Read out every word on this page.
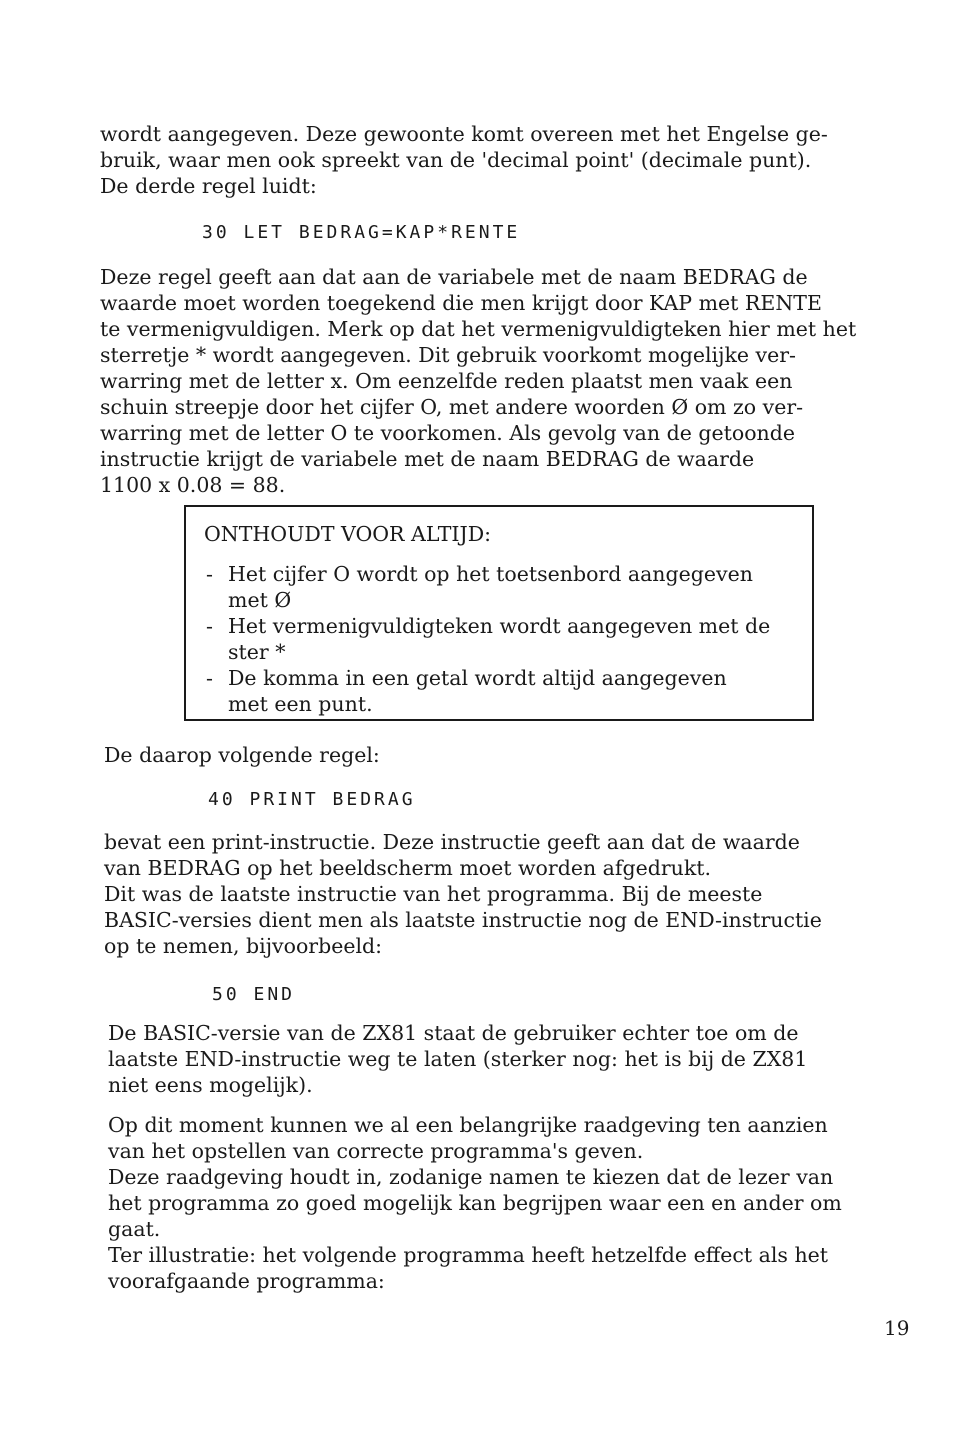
wordt aangegeven. Deze gewoonte komt overeen met het Engelse ge-
bruik, waar men ook spreekt van de 'decimal point' (decimale punt).
De derde regel luidt:

30 LET BEDRAG=KAP*RENTE

Deze regel geeft aan dat aan de variabele met de naam BEDRAG de
waarde moet worden toegekend die men krijgt door KAP met RENTE
te vermenigvuldigen. Merk op dat het vermenigvuldigteken hier met het
sterretje * wordt aangegeven. Dit gebruik voorkomt mogelijke ver-
warring met de letter x. Om eenzelfde reden plaatst men vaak een
schuin streepje door het cijfer O, met andere woorden Ø om zo ver-
warring met de letter O te voorkomen. Als gevolg van de getoonde
instructie krijgt de variabele met de naam BEDRAG de waarde
1100 x 0.08 = 88.

ONTHOUDT VOOR ALTIJD:
- Het cijfer O wordt op het toetsenbord aangegeven
met Ø
- Het vermenigvuldigteken wordt aangegeven met de
ster *
- De komma in een getal wordt altijd aangegeven
met een punt.

De daarop volgende regel:

40 PRINT BEDRAG

bevat een print-instructie. Deze instructie geeft aan dat de waarde
van BEDRAG op het beeldscherm moet worden afgedrukt.
Dit was de laatste instructie van het programma. Bij de meeste
BASIC-versies dient men als laatste instructie nog de END-instructie
op te nemen, bijvoorbeeld:

50 END

De BASIC-versie van de ZX81 staat de gebruiker echter toe om de
laatste END-instructie weg te laten (sterker nog: het is bij de ZX81
niet eens mogelijk).

Op dit moment kunnen we al een belangrijke raadgeving ten aanzien
van het opstellen van correcte programma's geven.
Deze raadgeving houdt in, zodanige namen te kiezen dat de lezer van
het programma zo goed mogelijk kan begrijpen waar een en ander om
gaat.
Ter illustratie: het volgende programma heeft hetzelfde effect als het
voorafgaande programma:

19
